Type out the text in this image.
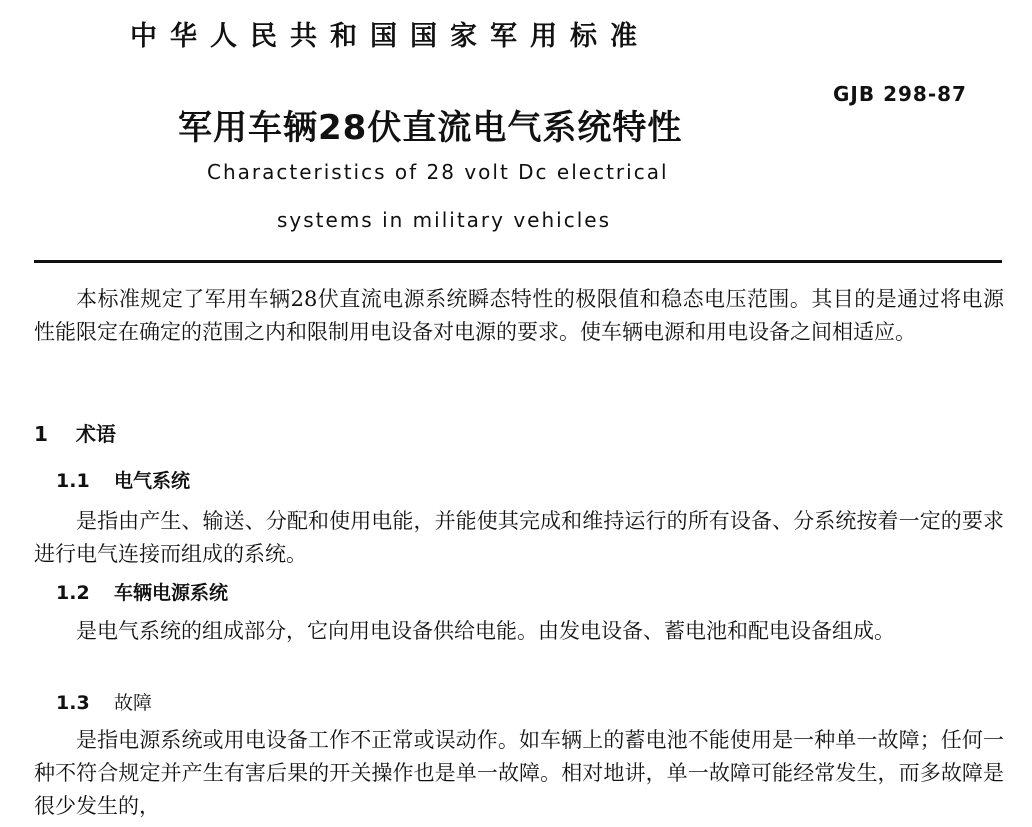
中华人民共和国国家军用标准
GJB 298-87
军用车辆28伏直流电气系统特性
Characteristics of 28 volt Dc electrical
systems in military vehicles
本标准规定了军用车辆28伏直流电源系统瞬态特性的极限值和稳态电压范围。其目的是通过将电源性能限定在确定的范围之内和限制用电设备对电源的要求。使车辆电源和用电设备之间相适应。
1 术语
1.1 电气系统
是指由产生、输送、分配和使用电能，并能使其完成和维持运行的所有设备、分系统按着一定的要求进行电气连接而组成的系统。
1.2 车辆电源系统
是电气系统的组成部分，它向用电设备供给电能。由发电设备、蓄电池和配电设备组成。
1.3 故障
是指电源系统或用电设备工作不正常或误动作。如车辆上的蓄电池不能使用是一种单一故障；任何一种不符合规定并产生有害后果的开关操作也是单一故障。相对地讲，单一故障可能经常发生，而多故障是很少发生的，
